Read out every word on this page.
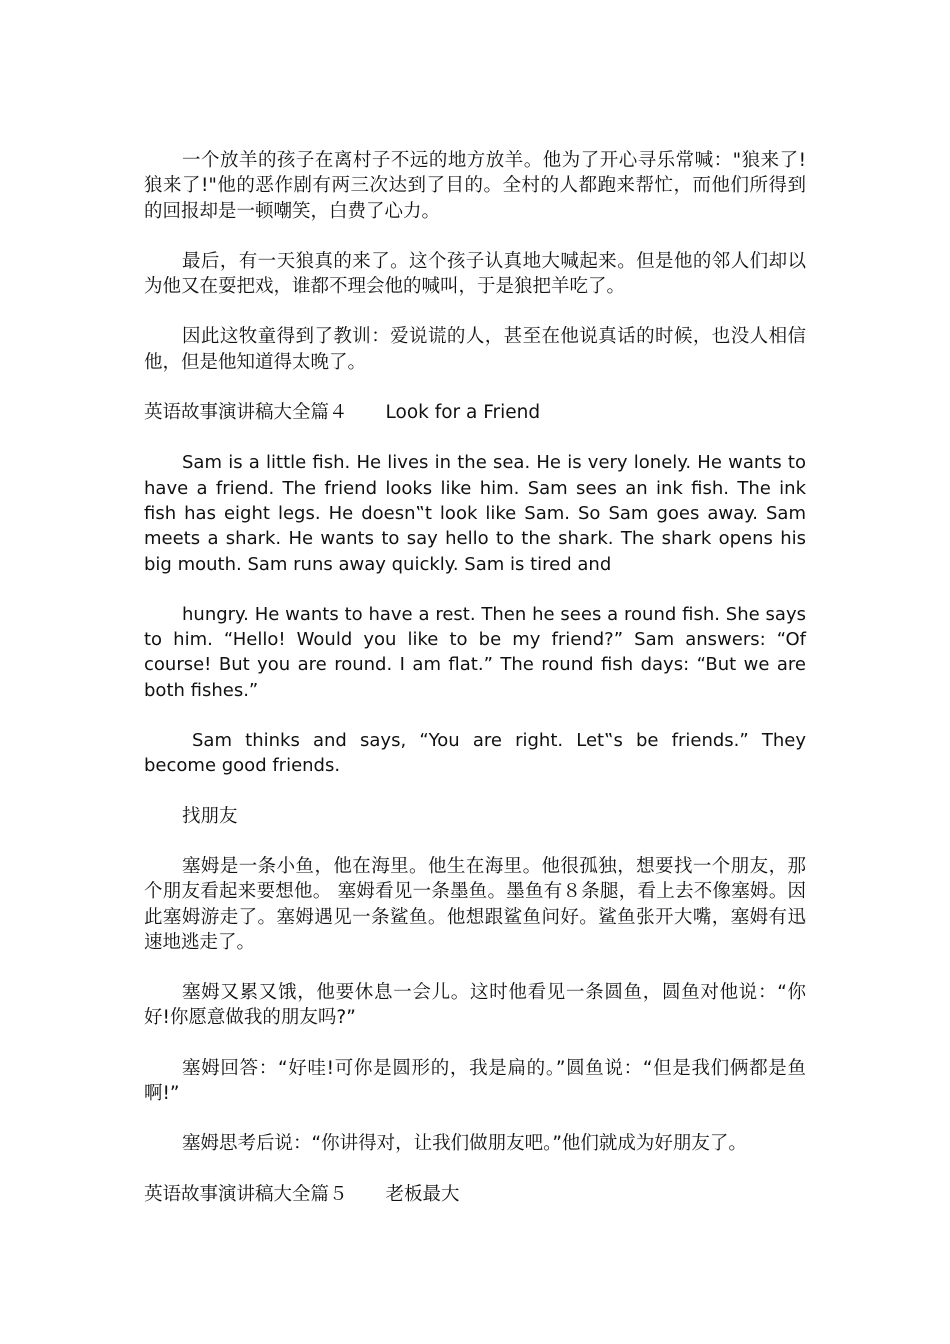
一个放羊的孩子在离村子不远的地方放羊。他为了开心寻乐常喊："狼来了!狼来了!"他的恶作剧有两三次达到了目的。全村的人都跑来帮忙，而他们所得到的回报却是一顿嘲笑，白费了心力。

最后，有一天狼真的来了。这个孩子认真地大喊起来。但是他的邻人们却以为他又在耍把戏，谁都不理会他的喊叫，于是狼把羊吃了。

因此这牧童得到了教训：爱说谎的人，甚至在他说真话的时候，也没人相信他，但是他知道得太晚了。

英语故事演讲稿大全篇４ Look for a Friend

Sam is a little fish. He lives in the sea. He is very lonely. He wants to have a friend. The friend looks like him. Sam sees an ink fish. The ink fish has eight legs. He doesn‟t look like Sam. So Sam goes away. Sam meets a shark. He wants to say hello to the shark. The shark opens his big mouth. Sam runs away quickly. Sam is tired and

hungry. He wants to have a rest. Then he sees a round fish. She says to him. “Hello! Would you like to be my friend?” Sam answers: “Of course! But you are round. I am flat.” The round fish days: “But we are both fishes.”

Sam thinks and says, “You are right. Let‟s be friends.” They become good friends.

找朋友

塞姆是一条小鱼，他在海里。他生在海里。他很孤独，想要找一个朋友，那个朋友看起来要想他。 塞姆看见一条墨鱼。墨鱼有８条腿，看上去不像塞姆。因此塞姆游走了。塞姆遇见一条鲨鱼。他想跟鲨鱼问好。鲨鱼张开大嘴，塞姆有迅速地逃走了。

塞姆又累又饿，他要休息一会儿。这时他看见一条圆鱼，圆鱼对他说：“你好!你愿意做我的朋友吗?”

塞姆回答：“好哇!可你是圆形的，我是扁的。”圆鱼说：“但是我们俩都是鱼啊!”

塞姆思考后说：“你讲得对，让我们做朋友吧。”他们就成为好朋友了。

英语故事演讲稿大全篇５ 老板最大
